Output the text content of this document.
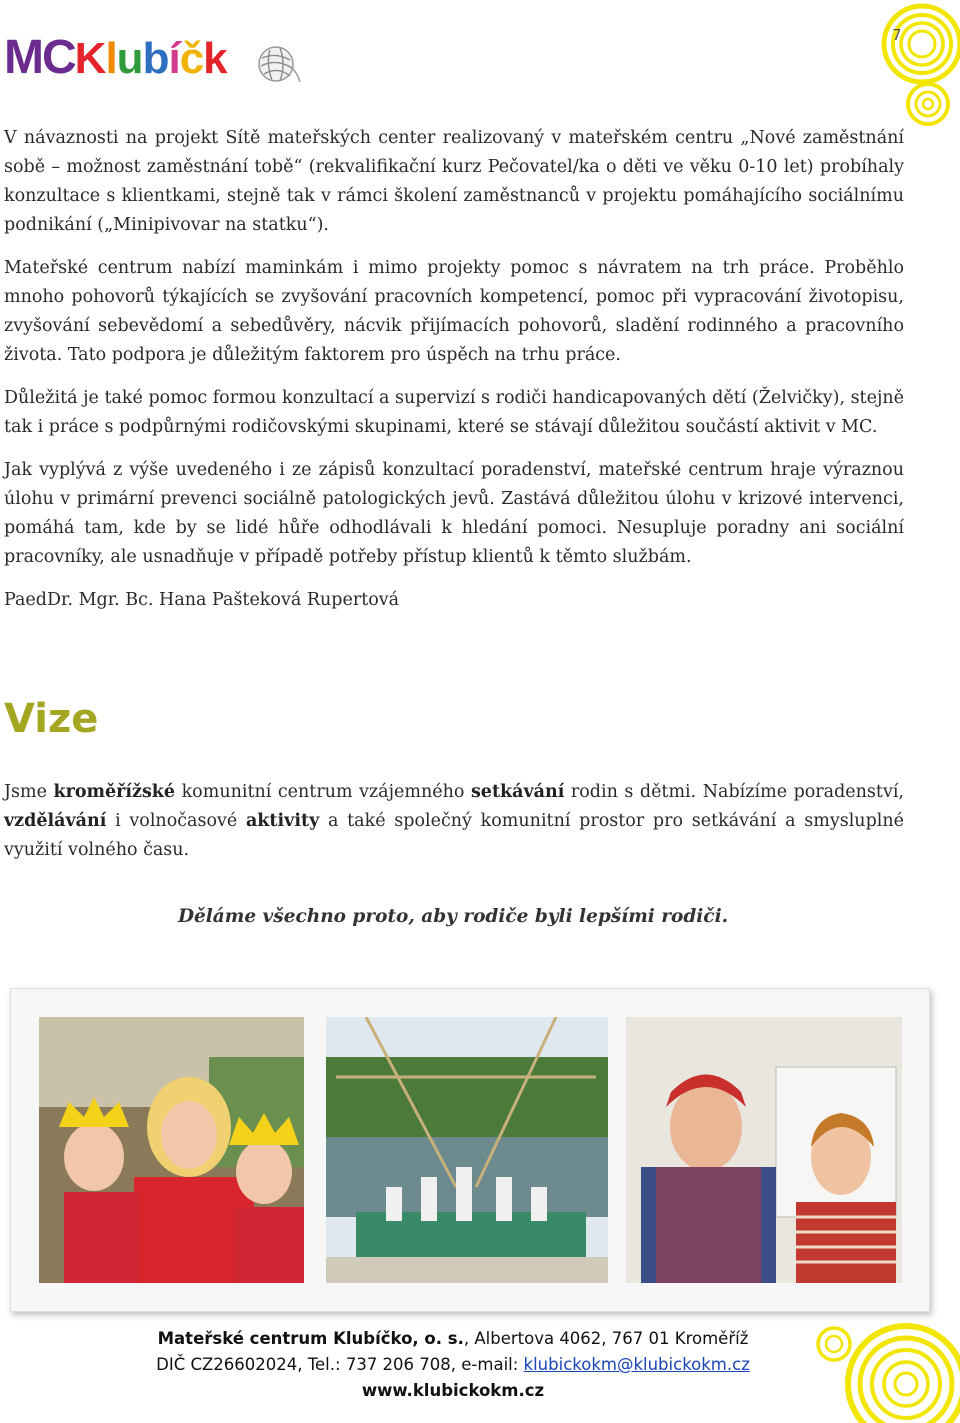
MCKlubíčk	7

V návaznosti na projekt Sítě mateřských center realizovaný v mateřském centru „Nové zaměstnání sobě – možnost zaměstnání tobě“ (rekvalifikační kurz Pečovatel/ka o děti ve věku 0-10 let) probíhaly konzultace s klientkami, stejně tak v rámci školení zaměstnanců v projektu pomáhajícího sociálnímu podnikání („Minipivovar na statku“).

Mateřské centrum nabízí maminkám i mimo projekty pomoc s návratem na trh práce. Proběhlo mnoho pohovorů týkajících se zvyšování pracovních kompetencí, pomoc při vypracování životopisu, zvyšování sebevědomí a sebedůvěry, nácvik přijímacích pohovorů, sladění rodinného a pracovního života. Tato podpora je důležitým faktorem pro úspěch na trhu práce.

Důležitá je také pomoc formou konzultací a supervizí s rodiči handicapovaných dětí (Želvičky), stejně tak i práce s podpůrnými rodičovskými skupinami, které se stávají důležitou součástí aktivit v MC.

Jak vyplývá z výše uvedeného i ze zápisů konzultací poradenství, mateřské centrum hraje výraznou úlohu v primární prevenci sociálně patologických jevů. Zastává důležitou úlohu v krizové intervenci, pomáhá tam, kde by se lidé hůře odhodlávali k hledání pomoci. Nesupluje poradny ani sociální pracovníky, ale usnadňuje v případě potřeby přístup klientů k těmto službám.

PaedDr. Mgr. Bc. Hana Pašteková Rupertová

Vize

Jsme kroměřížské komunitní centrum vzájemného setkávání rodin s dětmi. Nabízíme poradenství, vzdělávání i volnočasové aktivity a také společný komunitní prostor pro setkávání a smysluplné využití volného času.

Děláme všechno proto, aby rodiče byli lepšími rodiči.

Mateřské centrum Klubíčko, o. s., Albertova 4062, 767 01 Kroměříž
DIČ CZ26602024, Tel.: 737 206 708, e-mail: klubickokm@klubickokm.cz
www.klubickokm.cz
